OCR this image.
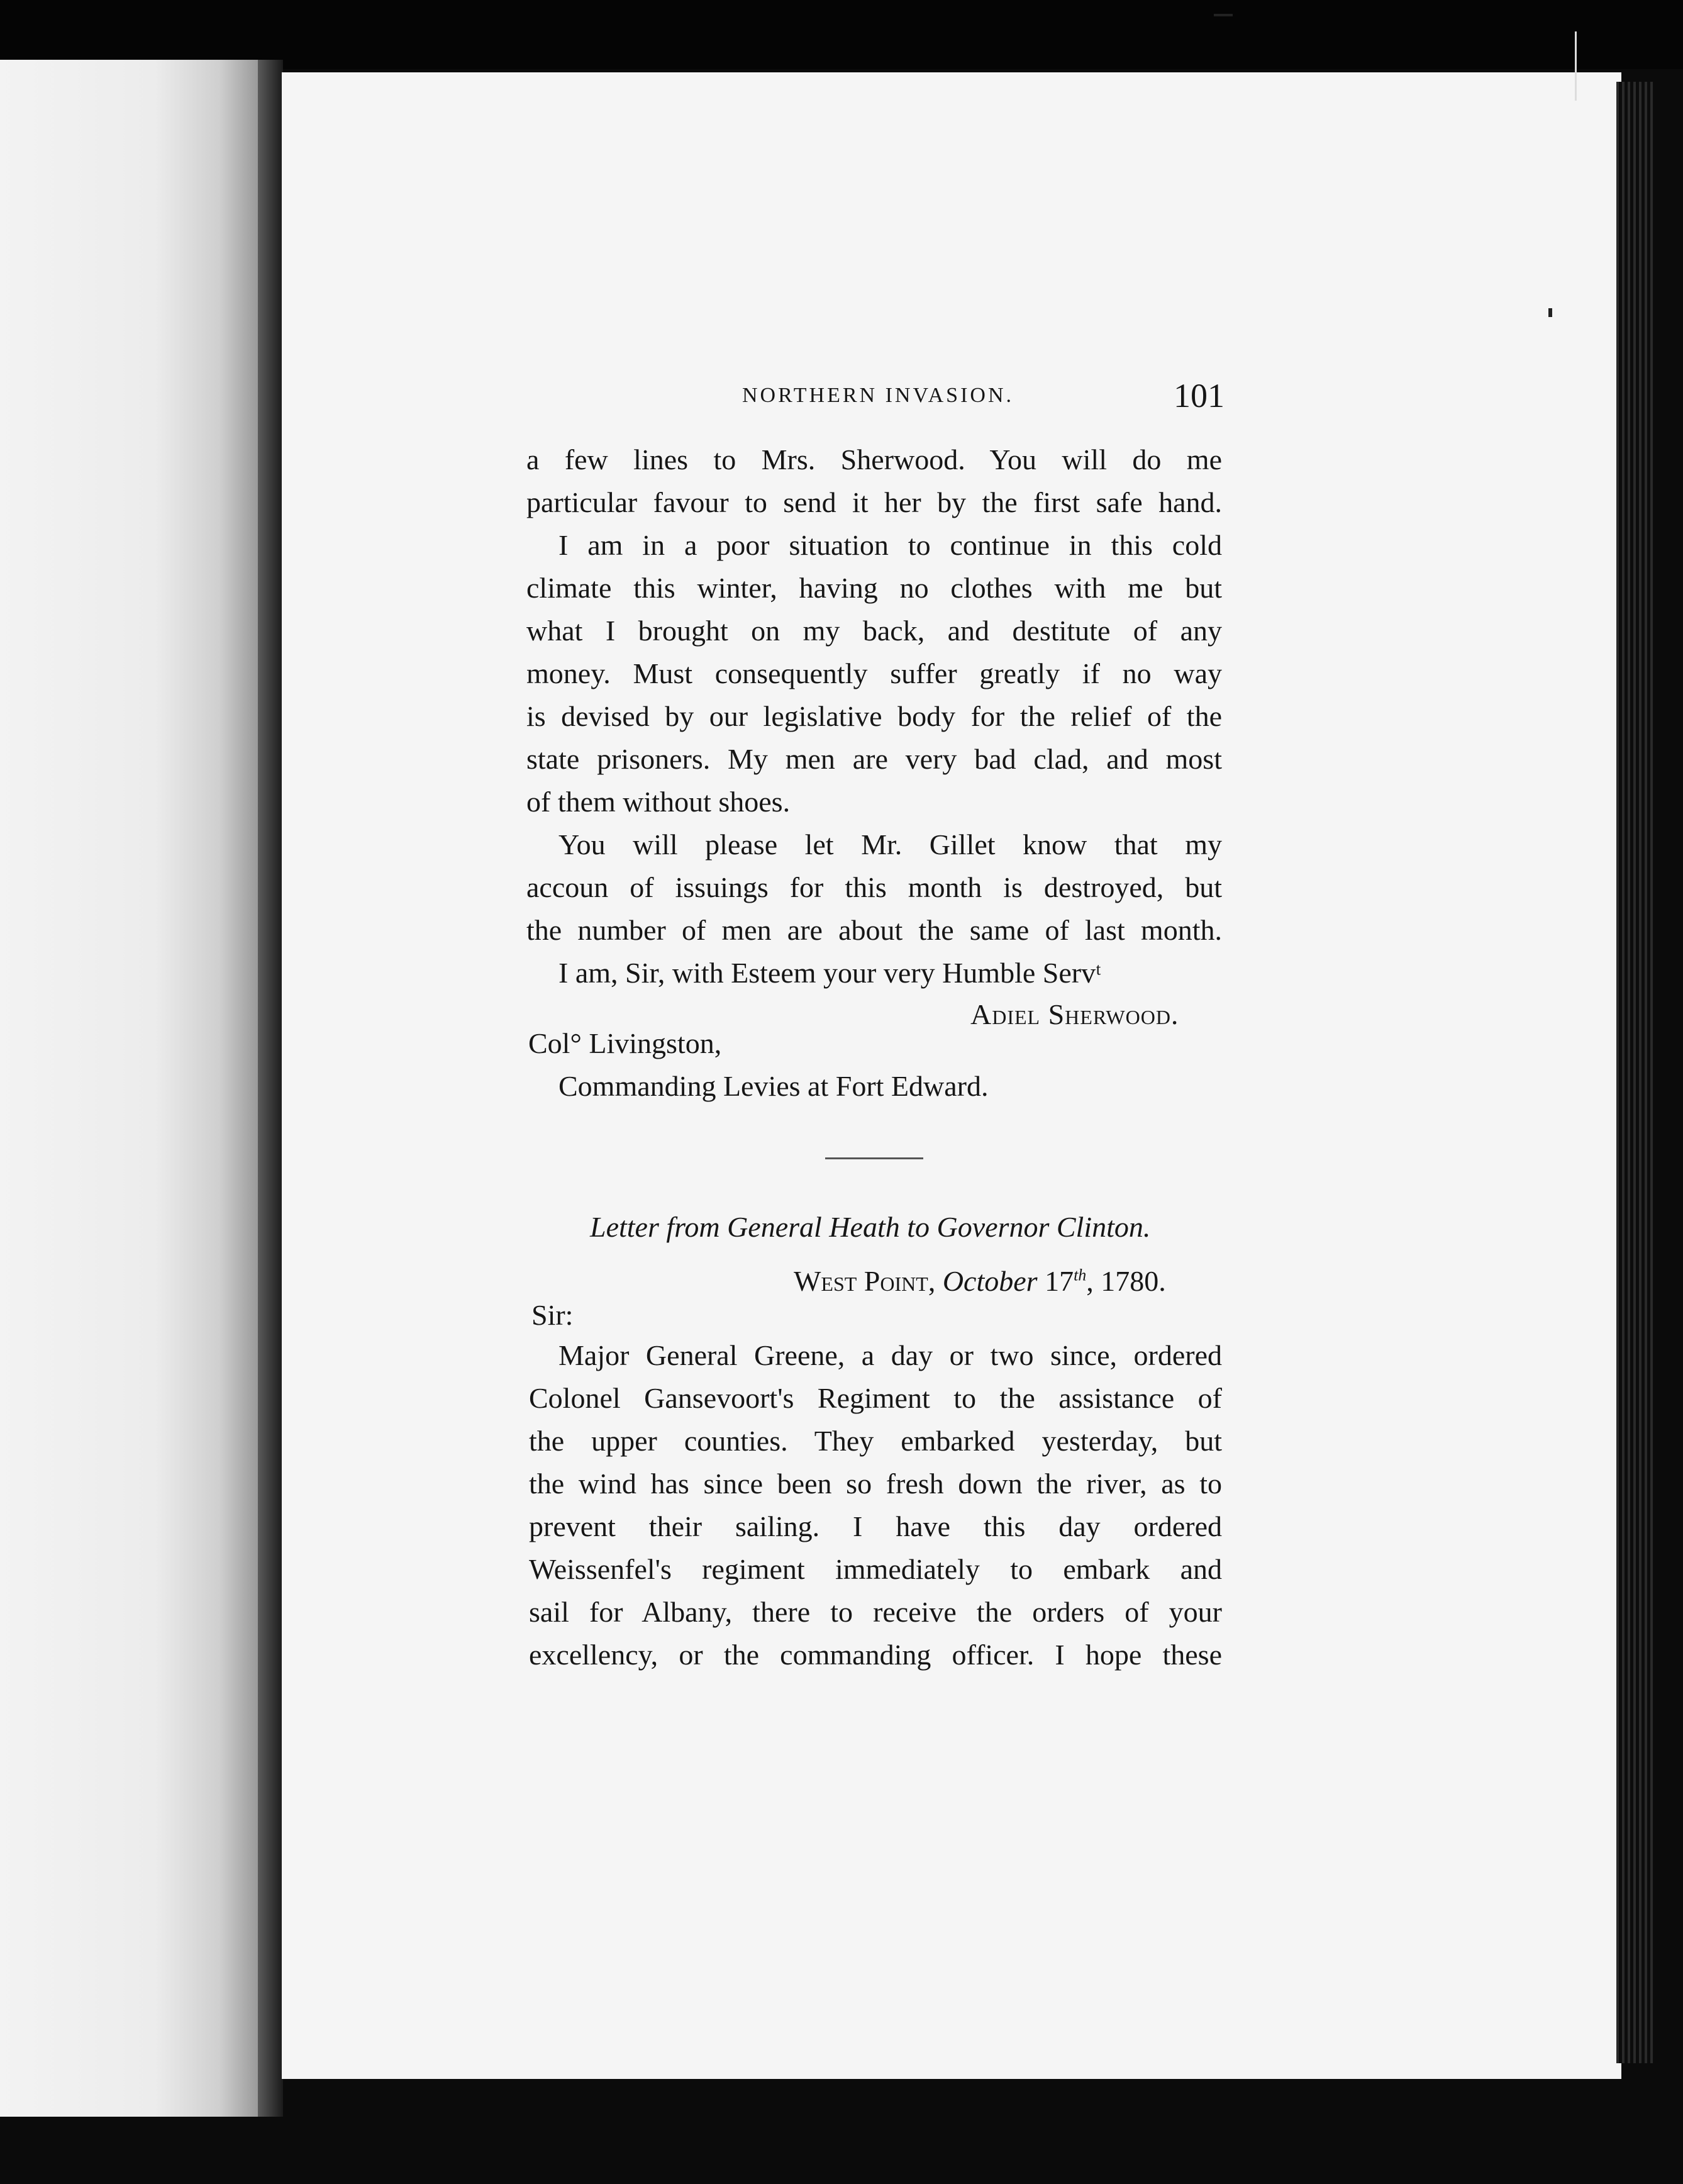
NORTHERN INVASION.	101
a few lines to Mrs. Sherwood. You will do me
particular favour to send it her by the first safe hand.
I am in a poor situation to continue in this cold
climate this winter, having no clothes with me but
what I brought on my back, and destitute of any
money. Must consequently suffer greatly if no way
is devised by our legislative body for the relief of the
state prisoners. My men are very bad clad, and most
of them without shoes.
You will please let Mr. Gillet know that my
accoun of issuings for this month is destroyed, but
the number of men are about the same of last month.
I am, Sir, with Esteem your very Humble Servᵗ
Adiel Sherwood.
Col° Livingston,
Commanding Levies at Fort Edward.
Letter from General Heath to Governor Clinton.
West Point, October 17th, 1780.
Sir:
Major General Greene, a day or two since, ordered
Colonel Gansevoort's Regiment to the assistance of
the upper counties. They embarked yesterday, but
the wind has since been so fresh down the river, as to
prevent their sailing. I have this day ordered
Weissenfel's regiment immediately to embark and
sail for Albany, there to receive the orders of your
excellency, or the commanding officer. I hope these
